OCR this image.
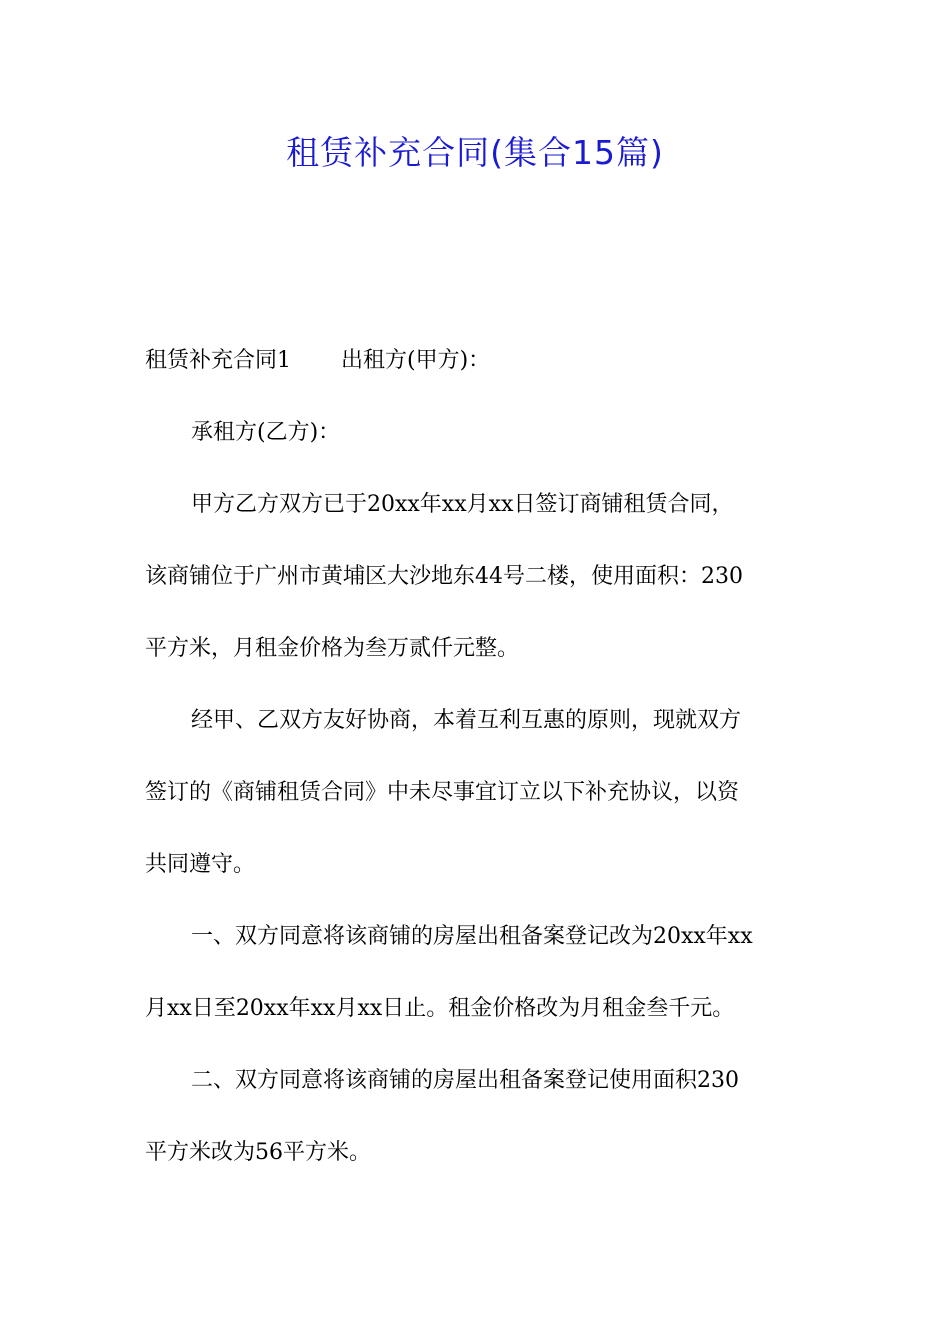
租赁补充合同(集合15篇)
租赁补充合同1 出租方(甲方)：
承租方(乙方)：
甲方乙方双方已于20xx年xx月xx日签订商铺租赁合同，
该商铺位于广州市黄埔区大沙地东44号二楼，使用面积：230
平方米，月租金价格为叁万贰仟元整。
经甲、乙双方友好协商，本着互利互惠的原则，现就双方
签订的《商铺租赁合同》中未尽事宜订立以下补充协议，以资
共同遵守。
一、双方同意将该商铺的房屋出租备案登记改为20xx年xx
月xx日至20xx年xx月xx日止。租金价格改为月租金叁千元。
二、双方同意将该商铺的房屋出租备案登记使用面积230
平方米改为56平方米。
